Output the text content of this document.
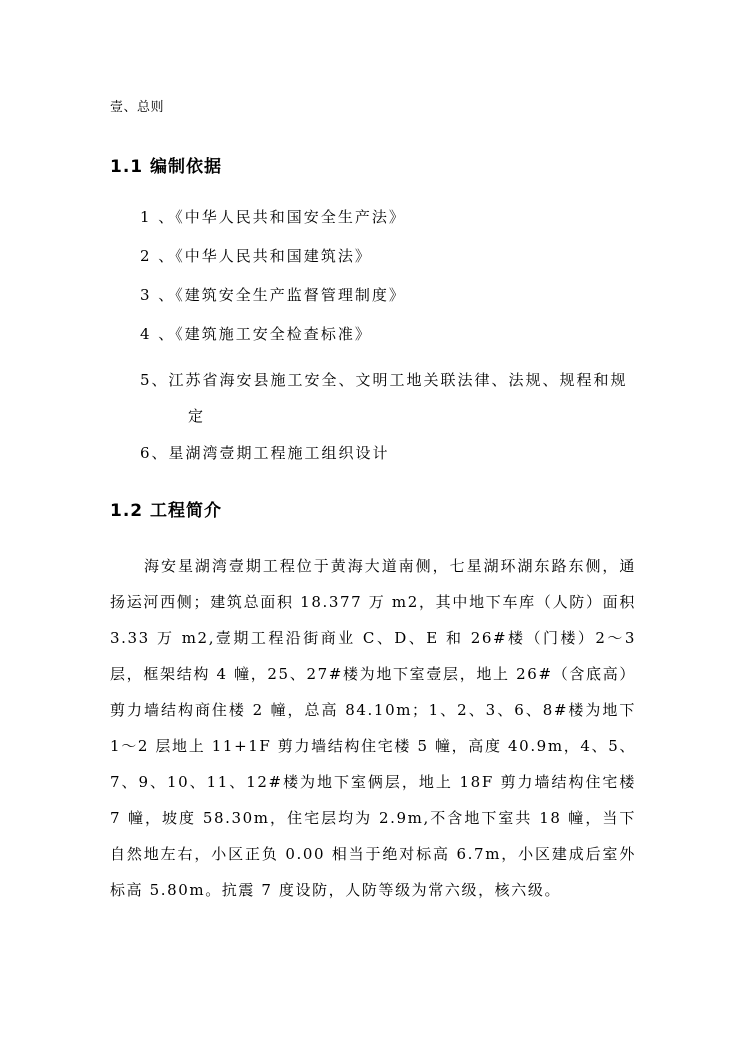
壹、总则
1.1 编制依据
1 、《中华人民共和国安全生产法》
2 、《中华人民共和国建筑法》
3 、《建筑安全生产监督管理制度》
4 、《建筑施工安全检查标准》
5、江苏省海安县施工安全、文明工地关联法律、法规、规程和规
定
6、星湖湾壹期工程施工组织设计
1.2 工程简介

海安星湖湾壹期工程位于黄海大道南侧，七星湖环湖东路东侧，通扬运河西侧；建筑总面积 18.377 万 m2，其中地下车库（人防）面积 3.33 万 m2,壹期工程沿街商业 C、D、E 和 26#楼（门楼）2～3 层，框架结构 4 幢，25、27#楼为地下室壹层，地上 26#（含底高）剪力墙结构商住楼 2 幢，总高 84.10m；1、2、3、6、8#楼为地下 1～2 层地上 11+1F 剪力墙结构住宅楼 5 幢，高度 40.9m，4、5、7、9、10、11、12#楼为地下室俩层，地上 18F 剪力墙结构住宅楼 7 幢，坡度 58.30m，住宅层均为 2.9m,不含地下室共 18 幢，当下自然地左右，小区正负 0.00 相当于绝对标高 6.7m，小区建成后室外标高 5.80m。抗震 7 度设防，人防等级为常六级，核六级。
